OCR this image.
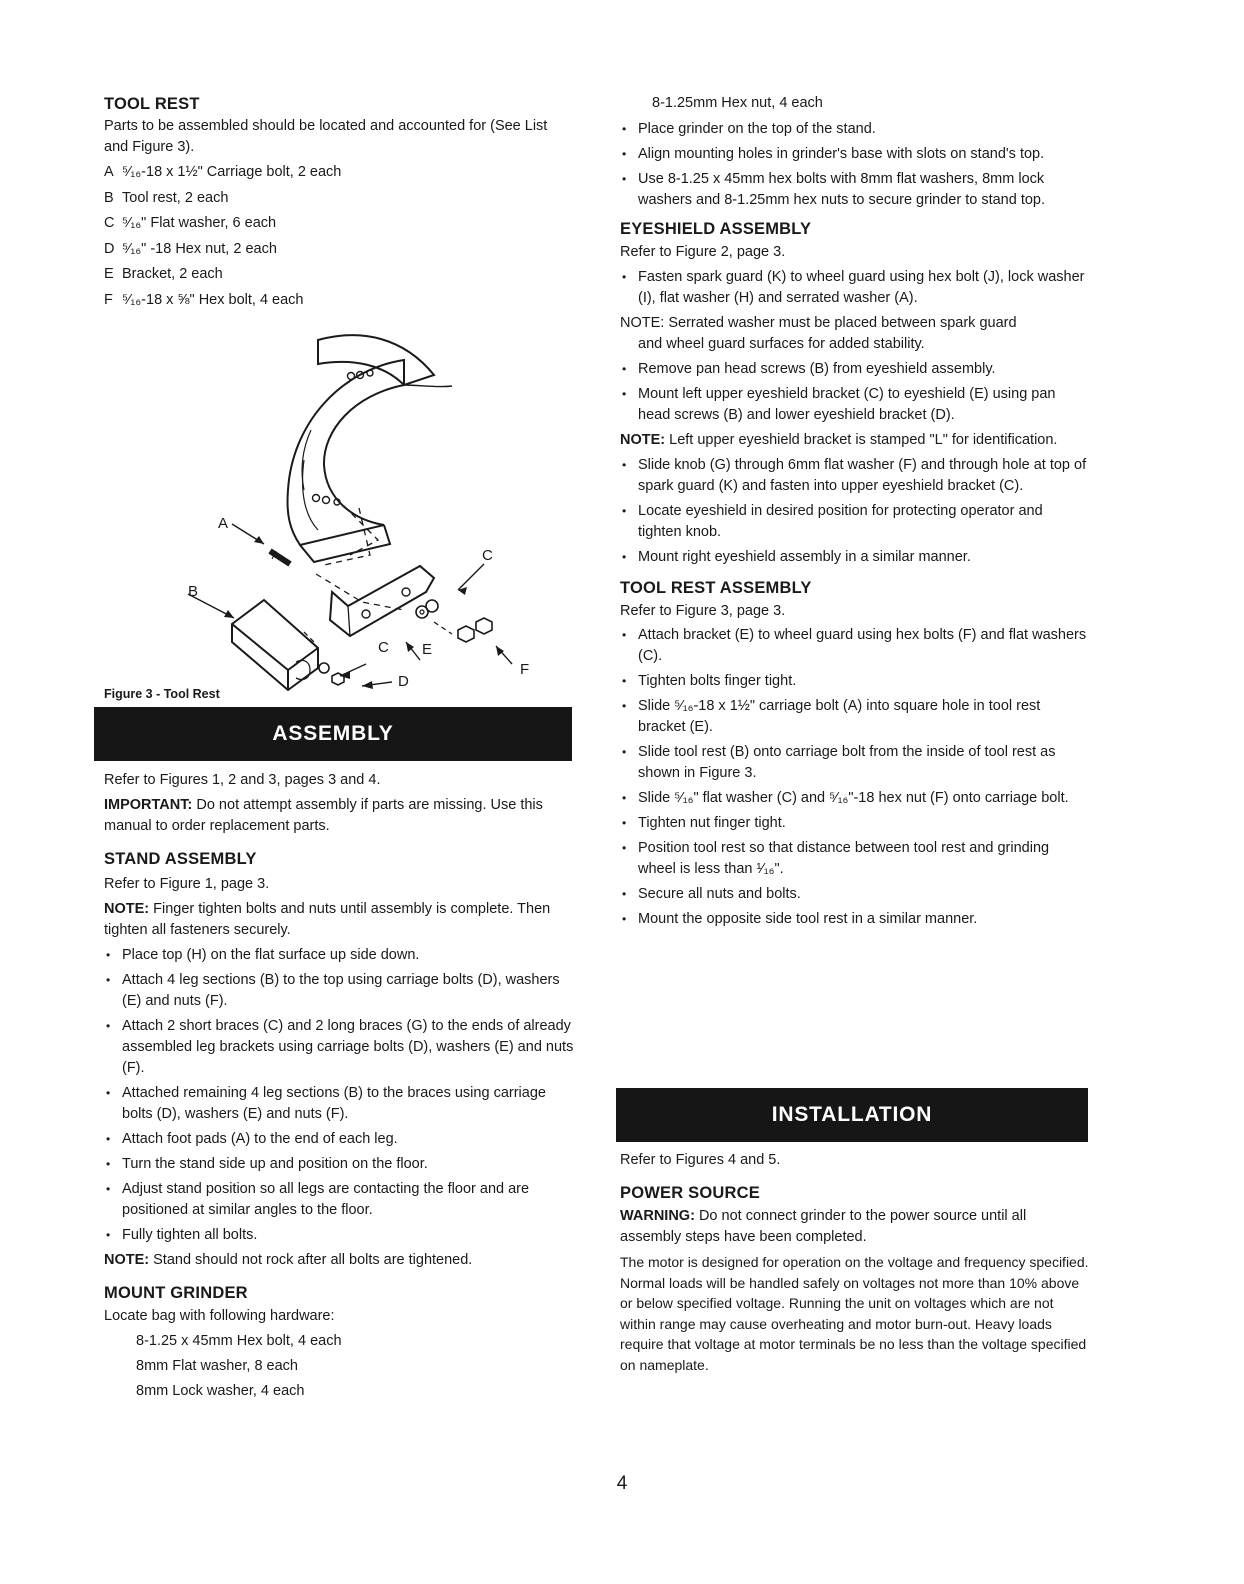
TOOL REST

Parts to be assembled should be located and accounted for (See List and Figure 3).

A ⁵⁄₁₆-18 x 1½" Carriage bolt, 2 each
B Tool rest, 2 each
C ⁵⁄₁₆" Flat washer, 6 each
D ⁵⁄₁₆" -18 Hex nut, 2 each
E Bracket, 2 each
F ⁵⁄₁₆-18 x ⅝" Hex bolt, 4 each
A
B
C
C
D
E
F
Figure 3 - Tool Rest
ASSEMBLY

Refer to Figures 1, 2 and 3, pages 3 and 4.

IMPORTANT: Do not attempt assembly if parts are missing. Use this manual to order replacement parts.

STAND ASSEMBLY

Refer to Figure 1, page 3.

NOTE: Finger tighten bolts and nuts until assembly is complete. Then tighten all fasteners securely.

• Place top (H) on the flat surface up side down.
• Attach 4 leg sections (B) to the top using carriage bolts (D), washers (E) and nuts (F).
• Attach 2 short braces (C) and 2 long braces (G) to the ends of already assembled leg brackets using carriage bolts (D), washers (E) and nuts (F).
• Attached remaining 4 leg sections (B) to the braces using carriage bolts (D), washers (E) and nuts (F).
• Attach foot pads (A) to the end of each leg.
• Turn the stand side up and position on the floor.
• Adjust stand position so all legs are contacting the floor and are positioned at similar angles to the floor.
• Fully tighten all bolts.

NOTE: Stand should not rock after all bolts are tightened.

MOUNT GRINDER

Locate bag with following hardware:

8-1.25 x 45mm Hex bolt, 4 each
8mm Flat washer, 8 each
8mm Lock washer, 4 each
8-1.25mm Hex nut, 4 each
• Place grinder on the top of the stand.
• Align mounting holes in grinder's base with slots on stand's top.
• Use 8-1.25 x 45mm hex bolts with 8mm flat washers, 8mm lock washers and 8-1.25mm hex nuts to secure grinder to stand top.
EYESHIELD ASSEMBLY

Refer to Figure 2, page 3.

• Fasten spark guard (K) to wheel guard using hex bolt (J), lock washer (I), flat washer (H) and serrated washer (A).

NOTE: Serrated washer must be placed between spark guard
and wheel guard surfaces for added stability.

• Remove pan head screws (B) from eyeshield assembly.
• Mount left upper eyeshield bracket (C) to eyeshield (E) using pan head screws (B) and lower eyeshield bracket (D).

NOTE: Left upper eyeshield bracket is stamped "L" for identification.

• Slide knob (G) through 6mm flat washer (F) and through hole at top of spark guard (K) and fasten into upper eyeshield bracket (C).
• Locate eyeshield in desired position for protecting operator and tighten knob.
• Mount right eyeshield assembly in a similar manner.
TOOL REST ASSEMBLY

Refer to Figure 3, page 3.

• Attach bracket (E) to wheel guard using hex bolts (F) and flat washers (C).
• Tighten bolts finger tight.
• Slide ⁵⁄₁₆-18 x 1½" carriage bolt (A) into square hole in tool rest bracket (E).
• Slide tool rest (B) onto carriage bolt from the inside of tool rest as shown in Figure 3.
• Slide ⁵⁄₁₆" flat washer (C) and ⁵⁄₁₆"-18 hex nut (F) onto carriage bolt.
• Tighten nut finger tight.
• Position tool rest so that distance between tool rest and grinding wheel is less than ¹⁄₁₆".
• Secure all nuts and bolts.
• Mount the opposite side tool rest in a similar manner.
INSTALLATION

Refer to Figures 4 and 5.

POWER SOURCE

WARNING: Do not connect grinder to the power source until all assembly steps have been completed.

The motor is designed for operation on the voltage and frequency specified. Normal loads will be handled safely on voltages not more than 10% above or below specified voltage. Running the unit on voltages which are not within range may cause overheating and motor burn-out. Heavy loads require that voltage at motor terminals be no less than the voltage specified on nameplate.

4
